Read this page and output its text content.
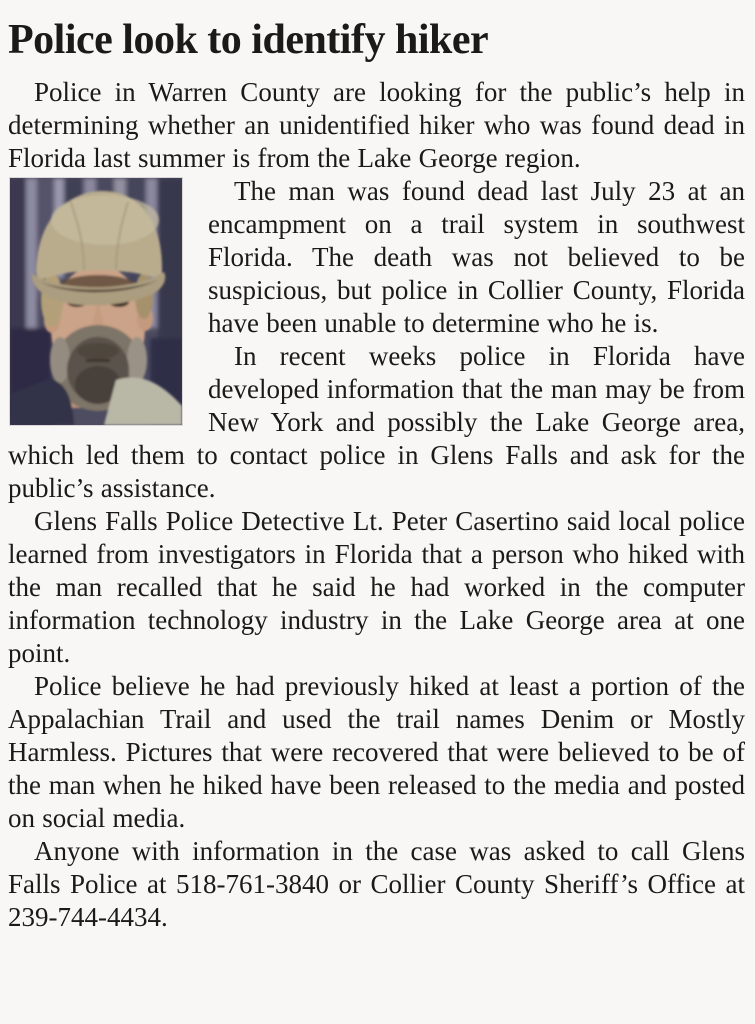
Police look to identify hiker

Police in Warren County are looking for the public’s help in determining whether an unidentified hiker who was found dead in Florida last summer is from the Lake George region.

The man was found dead last July 23 at an encampment on a trail system in southwest Florida. The death was not believed to be suspicious, but police in Collier County, Florida have been unable to determine who he is.

In recent weeks police in Florida have developed information that the man may be from New York and possibly the Lake George area, which led them to contact police in Glens Falls and ask for the public’s assistance.

Glens Falls Police Detective Lt. Peter Casertino said local police learned from investigators in Florida that a person who hiked with the man recalled that he said he had worked in the computer information technology industry in the Lake George area at one point.

Police believe he had previously hiked at least a portion of the Appalachian Trail and used the trail names Denim or Mostly Harmless. Pictures that were recovered that were believed to be of the man when he hiked have been released to the media and posted on social media.

Anyone with information in the case was asked to call Glens Falls Police at 518-761-3840 or Collier County Sheriff’s Office at 239-744-4434.
